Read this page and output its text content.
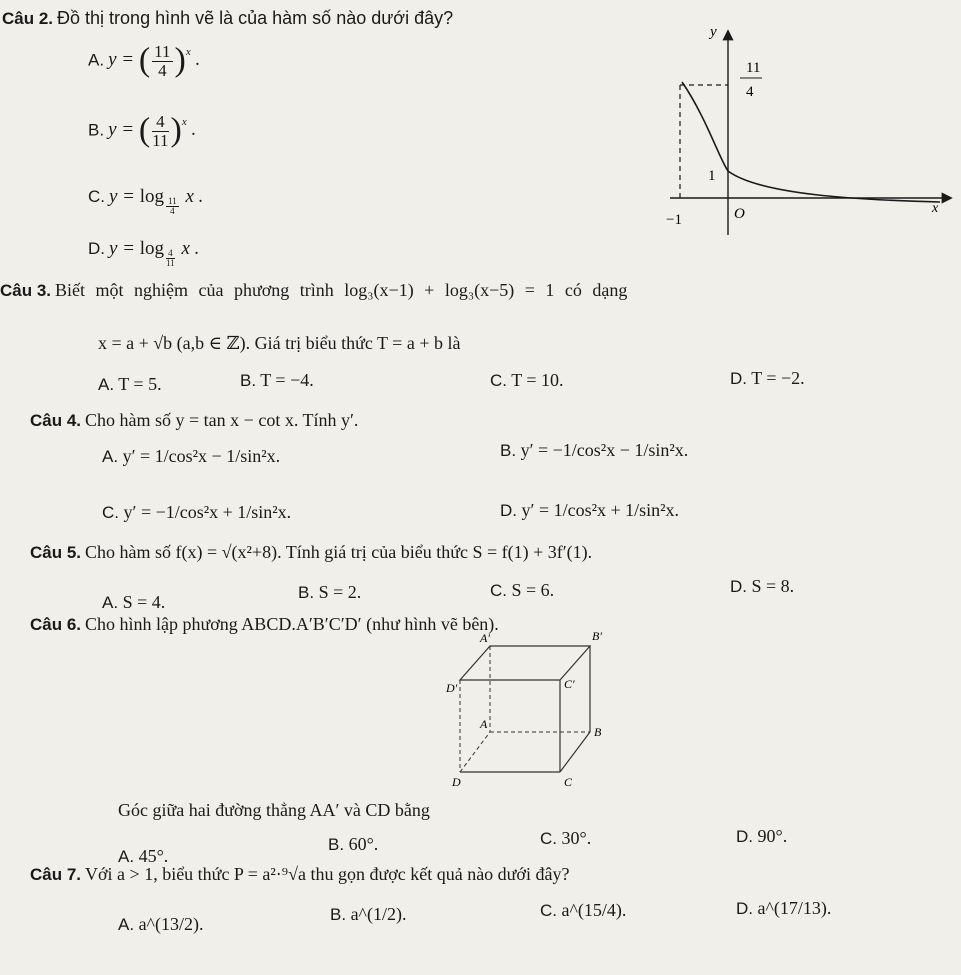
Câu 2. Đồ thị trong hình vẽ là của hàm số nào dưới đây?
A. y = ( $\frac{11}{4} )^x$ .
B. y = ( $\frac{4}{11} )^x$ .
C. $y = \log \frac{11}{4}$ x .
D. $y = \log \frac{4}{11}$ x .
y
x
11
4
1
−1	O
Câu 3. Biết một nghiệm của phương trình log₃(x−1) + log₃(x−5) = 1 có dạng
x = a + √b (a,b ∈ ℤ). Giá trị biểu thức T = a + b là
A. T = 5.	B. T = −4.	C. T = 10.	D. T = −2.
Câu 4. Cho hàm số y = tan x − cot x. Tính y′.
A. y′ = 1/cos²x − 1/sin²x.	B. y′ = −1/cos²x − 1/sin²x.
C. y′ = −1/cos²x + 1/sin²x.	D. y′ = 1/cos²x + 1/sin²x.
Câu 5. Cho hàm số f(x) = √(x²+8). Tính giá trị của biểu thức S = f(1) + 3f′(1).
A. S = 4.	B. S = 2.	C. S = 6.	D. S = 8.
Câu 6. Cho hình lập phương ABCD.A′B′C′D′ (như hình vẽ bên).
A′	B′
C′
D′
A
B
C
D
Góc giữa hai đường thẳng AA′ và CD bằng
A. 45°.
B. 60°.	C. 30°.	D. 90°.
Câu 7. Với a > 1, biểu thức P = a²·⁹√a thu gọn được kết quả nào dưới đây?
A. a^(13/2).	B. a^(1/2).	C. a^(15/4).	D. a^(17/13).
